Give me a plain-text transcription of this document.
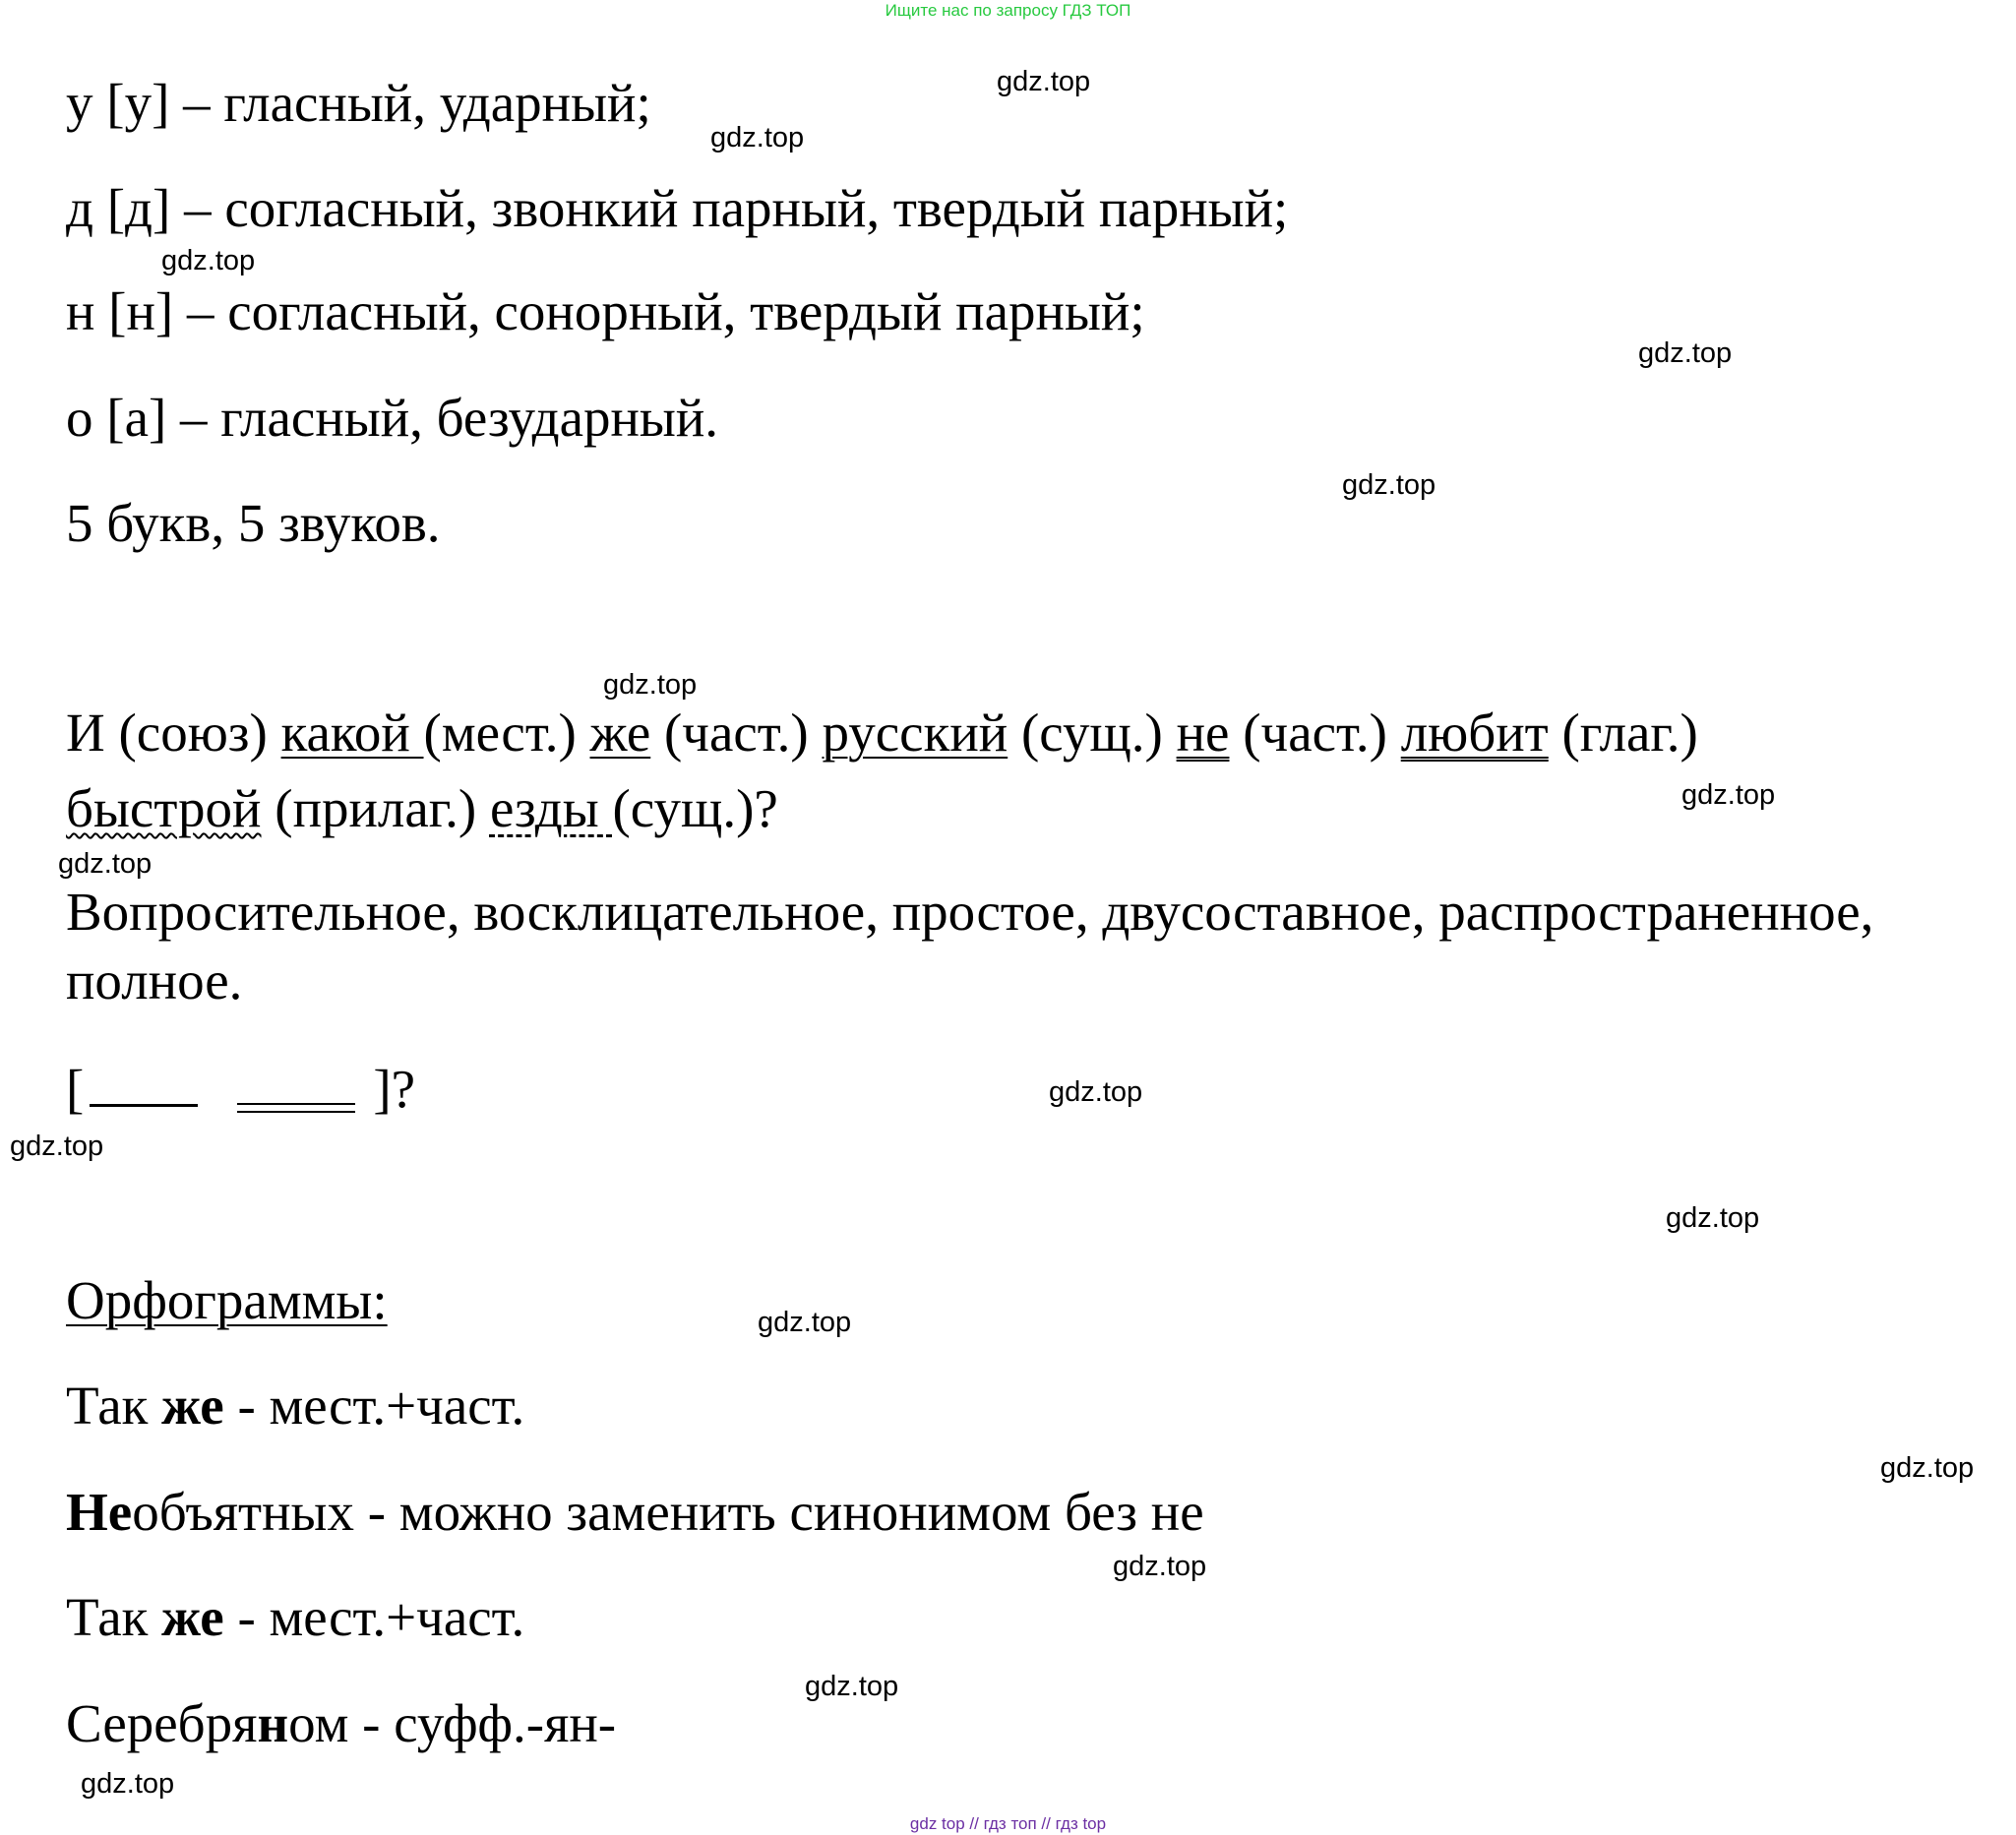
Ищите нас по запросу ГДЗ ТОП
у [у] – гласный, ударный;
д [д] – согласный, звонкий парный, твердый парный;
н [н] – согласный, сонорный, твердый парный;
о [а] – гласный, безударный.
5 букв, 5 звуков.
И (союз) какой (мест.) же (част.) русский (сущ.) не (част.) любит (глаг.)
быстрой (прилаг.) езды (сущ.)?
Вопросительное, восклицательное, простое, двусоставное, распространенное,
полное.
[	]?
Орфограммы:
Так же - мест.+част.
Необъятных - можно заменить синонимом без не
Так же - мест.+част.
Серебряном - суфф.-ян-
gdz.top
gdz.top
gdz.top
gdz.top
gdz.top
gdz.top
gdz.top
gdz.top
gdz.top
gdz.top
gdz.top
gdz.top
gdz.top
gdz.top
gdz.top
gdz.top
gdz top // гдз топ // гдз top
